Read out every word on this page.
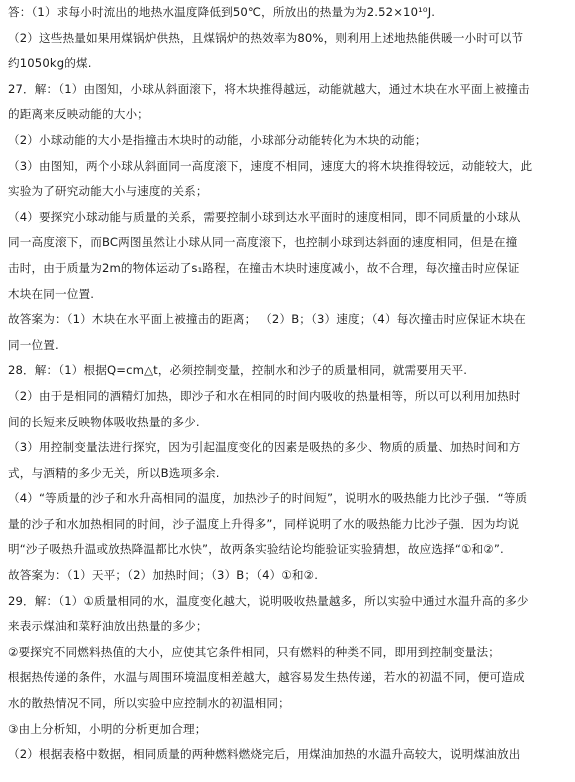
答：（1）求每小时流出的地热水温度降低到50℃，所放出的热量为为2.52×10¹⁰J.
（2）这些热量如果用煤锅炉供热，且煤锅炉的热效率为80%，则利用上述地热能供暖一小时可以节
约1050kg的煤.
27．解：（1）由图知，小球从斜面滚下，将木块推得越远，动能就越大，通过木块在水平面上被撞击
的距离来反映动能的大小；
（2）小球动能的大小是指撞击木块时的动能，小球部分动能转化为木块的动能；
（3）由图知，两个小球从斜面同一高度滚下，速度不相同，速度大的将木块推得较远，动能较大，此
实验为了研究动能大小与速度的关系；
（4）要探究小球动能与质量的关系，需要控制小球到达水平面时的速度相同，即不同质量的小球从
同一高度滚下，而BC两图虽然让小球从同一高度滚下，也控制小球到达斜面的速度相同，但是在撞
击时，由于质量为2m的物体运动了s₁路程，在撞击木块时速度减小，故不合理，每次撞击时应保证
木块在同一位置.
故答案为：（1）木块在水平面上被撞击的距离； （2）B；（3）速度；（4）每次撞击时应保证木块在
同一位置.
28．解：（1）根据Q=cm△t，必须控制变量，控制水和沙子的质量相同，就需要用天平.
（2）由于是相同的酒精灯加热，即沙子和水在相同的时间内吸收的热量相等，所以可以利用加热时
间的长短来反映物体吸收热量的多少.
（3）用控制变量法进行探究，因为引起温度变化的因素是吸热的多少、物质的质量、加热时间和方
式，与酒精的多少无关，所以B选项多余.
（4）“等质量的沙子和水升高相同的温度，加热沙子的时间短”，说明水的吸热能力比沙子强．“等质
量的沙子和水加热相同的时间，沙子温度上升得多”，同样说明了水的吸热能力比沙子强．因为均说
明“沙子吸热升温或放热降温都比水快”，故两条实验结论均能验证实验猜想，故应选择“①和②”.
故答案为：（1）天平；（2）加热时间；（3）B；（4）①和②.
29．解：（1）①质量相同的水，温度变化越大，说明吸收热量越多，所以实验中通过水温升高的多少
来表示煤油和菜籽油放出热量的多少；
②要探究不同燃料热值的大小，应使其它条件相同，只有燃料的种类不同，即用到控制变量法；
根据热传递的条件，水温与周围环境温度相差越大，越容易发生热传递，若水的初温不同，便可造成
水的散热情况不同，所以实验中应控制水的初温相同；
③由上分析知，小明的分析更加合理；
（2）根据表格中数据，相同质量的两种燃料燃烧完后，用煤油加热的水温升高较大，说明煤油放出
